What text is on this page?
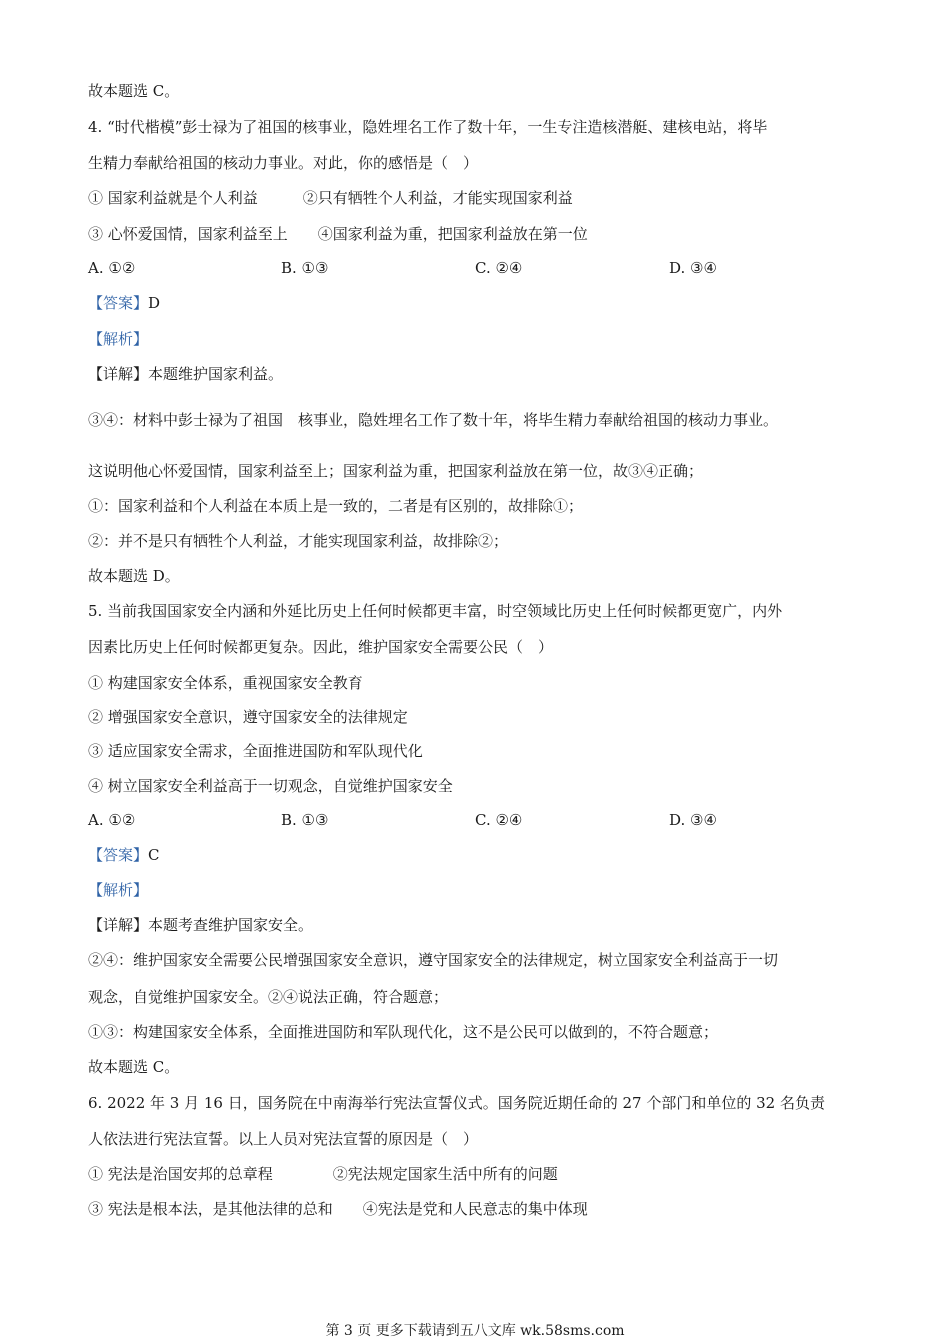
故本题选 C。
4. “时代楷模”彭士禄为了祖国的核事业，隐姓埋名工作了数十年，一生专注造核潜艇、建核电站，将毕
生精力奉献给祖国的核动力事业。对此，你的感悟是（　）
① 国家利益就是个人利益　　　②只有牺牲个人利益，才能实现国家利益
③ 心怀爱国情，国家利益至上　　④国家利益为重，把国家利益放在第一位
A. ①②	B. ①③	C. ②④	D. ③④
【答案】D
【解析】
【详解】本题维护国家利益。
③④：材料中彭士禄为了祖国　核事业，隐姓埋名工作了数十年，将毕生精力奉献给祖国的核动力事业。
这说明他心怀爱国情，国家利益至上；国家利益为重，把国家利益放在第一位，故③④正确；
①：国家利益和个人利益在本质上是一致的，二者是有区别的，故排除①；
②：并不是只有牺牲个人利益，才能实现国家利益，故排除②；
故本题选 D。
5. 当前我国国家安全内涵和外延比历史上任何时候都更丰富，时空领域比历史上任何时候都更宽广，内外
因素比历史上任何时候都更复杂。因此，维护国家安全需要公民（　）
① 构建国家安全体系，重视国家安全教育
② 增强国家安全意识，遵守国家安全的法律规定
③ 适应国家安全需求，全面推进国防和军队现代化
④ 树立国家安全利益高于一切观念，自觉维护国家安全
A. ①②	B. ①③	C. ②④	D. ③④
【答案】C
【解析】
【详解】本题考查维护国家安全。
②④：维护国家安全需要公民增强国家安全意识，遵守国家安全的法律规定，树立国家安全利益高于一切
观念，自觉维护国家安全。②④说法正确，符合题意；
①③：构建国家安全体系，全面推进国防和军队现代化，这不是公民可以做到的，不符合题意；
故本题选 C。
6. 2022 年 3 月 16 日，国务院在中南海举行宪法宣誓仪式。国务院近期任命的 27 个部门和单位的 32 名负责
人依法进行宪法宣誓。以上人员对宪法宣誓的原因是（　）
① 宪法是治国安邦的总章程　　　　②宪法规定国家生活中所有的问题
③ 宪法是根本法，是其他法律的总和　　④宪法是党和人民意志的集中体现
第 3 页 更多下载请到五八文库 wk.58sms.com
